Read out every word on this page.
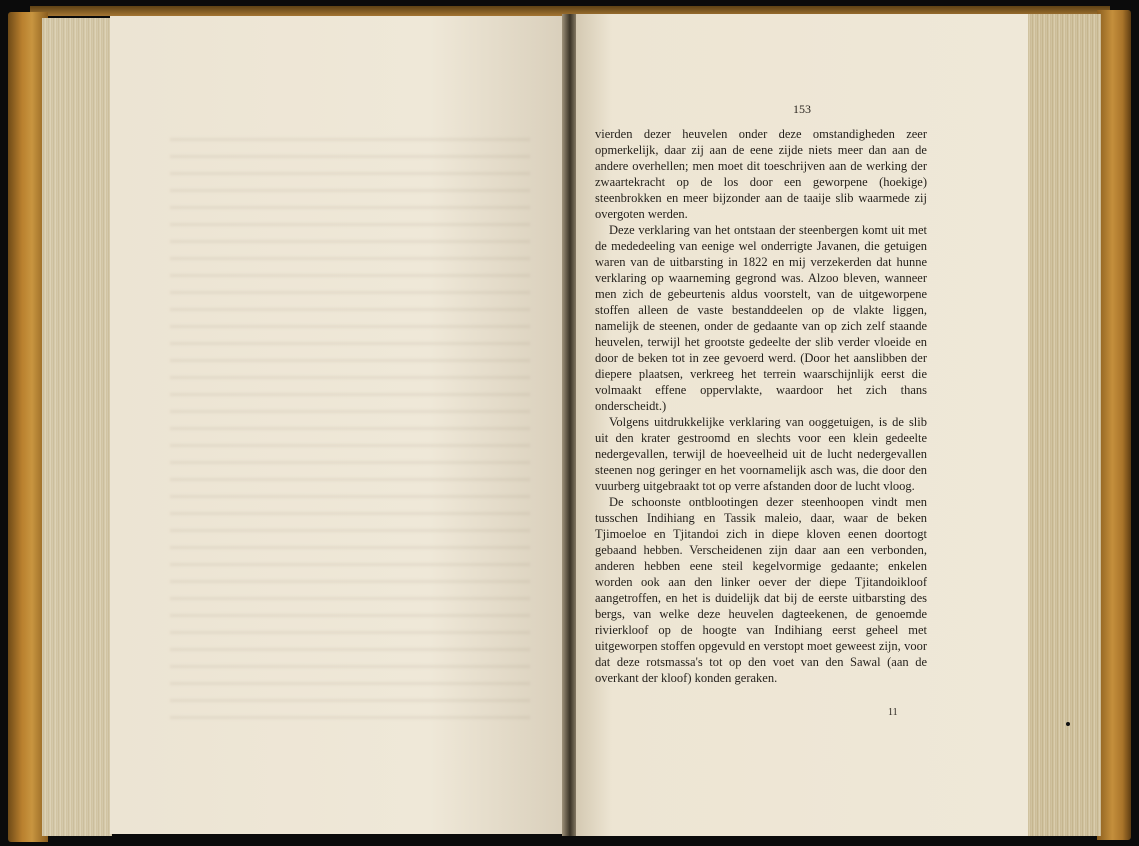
153

vierden dezer heuvelen onder deze omstandigheden zeer opmerkelijk, daar zij aan de eene zijde niets meer dan aan de andere overhellen; men moet dit toeschrijven aan de werking der zwaartekracht op de los door een geworpene (hoekige) steenbrokken en meer bijzonder aan de taaije slib waarmede zij overgoten werden.

Deze verklaring van het ontstaan der steenbergen komt uit met de mededeeling van eenige wel onderrigte Javanen, die getuigen waren van de uitbarsting in 1822 en mij verzekerden dat hunne verklaring op waarneming gegrond was. Alzoo bleven, wanneer men zich de gebeurtenis aldus voorstelt, van de uitgeworpene stoffen alleen de vaste bestanddeelen op de vlakte liggen, namelijk de steenen, onder de gedaante van op zich zelf staande heuvelen, terwijl het grootste gedeelte der slib verder vloeide en door de beken tot in zee gevoerd werd. (Door het aanslibben der diepere plaatsen, verkreeg het terrein waarschijnlijk eerst die volmaakt effene oppervlakte, waardoor het zich thans onderscheidt.)

Volgens uitdrukkelijke verklaring van ooggetuigen, is de slib uit den krater gestroomd en slechts voor een klein gedeelte nedergevallen, terwijl de hoeveelheid uit de lucht nedergevallen steenen nog geringer en het voornamelijk asch was, die door den vuurberg uitgebraakt tot op verre afstanden door de lucht vloog.

De schoonste ontblootingen dezer steenhoopen vindt men tusschen Indihiang en Tassik maleio, daar, waar de beken Tjimoeloe en Tjitandoi zich in diepe kloven eenen doortogt gebaand hebben. Verscheidenen zijn daar aan een verbonden, anderen hebben eene steil kegelvormige gedaante; enkelen worden ook aan den linker oever der diepe Tjitandoikloof aangetroffen, en het is duidelijk dat bij de eerste uitbarsting des bergs, van welke deze heuvelen dagteekenen, de genoemde rivierkloof op de hoogte van Indihiang eerst geheel met uitgeworpen stoffen opgevuld en verstopt moet geweest zijn, voor dat deze rotsmassa's tot op den voet van den Sawal (aan de overkant der kloof) konden geraken.

11
